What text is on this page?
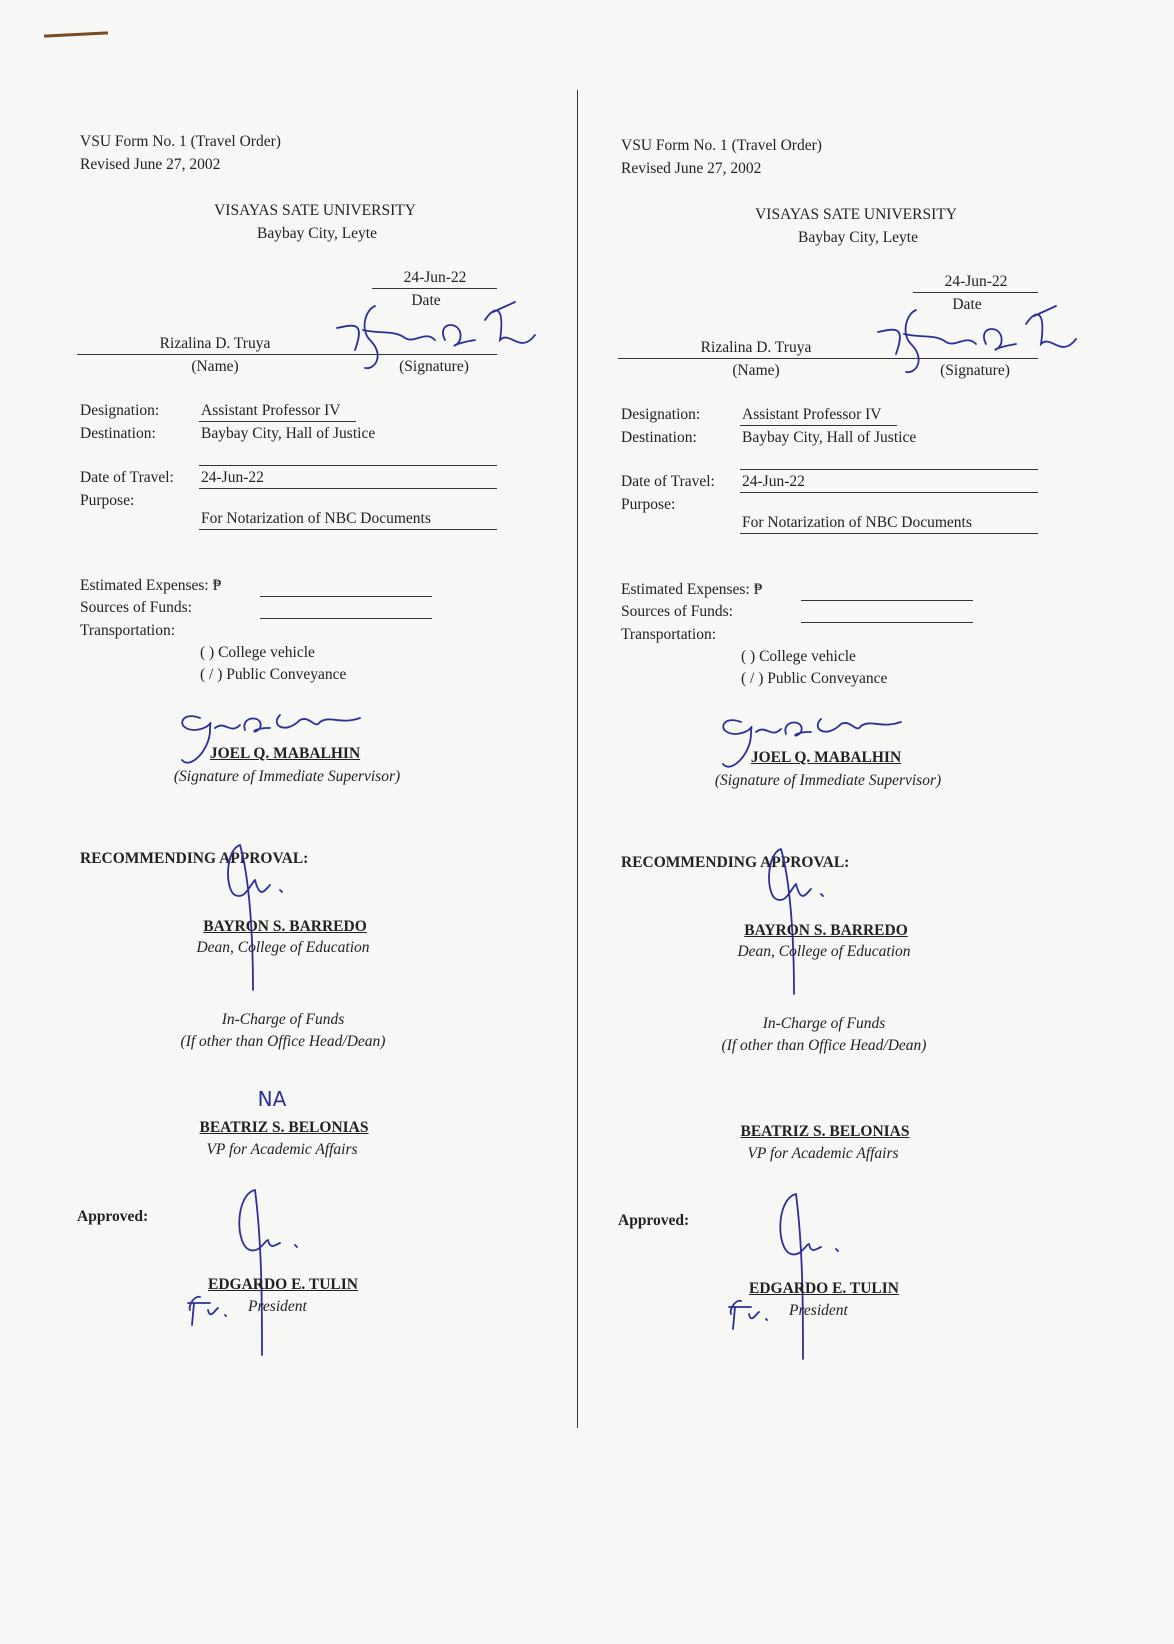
VSU Form No. 1 (Travel Order)
Revised June 27, 2002
VISAYAS SATE UNIVERSITY
Baybay City, Leyte
24-Jun-22
Date
Rizalina D. Truya
(Name)	(Signature)
Designation:	Assistant Professor IV
Destination:	Baybay City, Hall of Justice
Date of Travel: 24-Jun-22
Purpose:
For Notarization of NBC Documents
Estimated Expenses: ₱
Sources of Funds:
Transportation:
( ) College vehicle
( / ) Public Conveyance
JOEL Q. MABALHIN
(Signature of Immediate Supervisor)
RECOMMENDING APPROVAL:
BAYRON S. BARREDO
Dean, College of Education
In-Charge of Funds
(If other than Office Head/Dean)
NA
BEATRIZ S. BELONIAS
VP for Academic Affairs
Approved:
EDGARDO E. TULIN
President
VSU Form No. 1 (Travel Order)
Revised June 27, 2002
VISAYAS SATE UNIVERSITY
Baybay City, Leyte
24-Jun-22
Date
Rizalina D. Truya
(Name)	(Signature)
Designation:	Assistant Professor IV
Destination:	Baybay City, Hall of Justice
Date of Travel: 24-Jun-22
Purpose:
For Notarization of NBC Documents
Estimated Expenses: ₱
Sources of Funds:
Transportation:
( ) College vehicle
( / ) Public Conveyance
JOEL Q. MABALHIN
(Signature of Immediate Supervisor)
RECOMMENDING APPROVAL:
BAYRON S. BARREDO
Dean, College of Education
In-Charge of Funds
(If other than Office Head/Dean)
BEATRIZ S. BELONIAS
VP for Academic Affairs
Approved:
EDGARDO E. TULIN
President
